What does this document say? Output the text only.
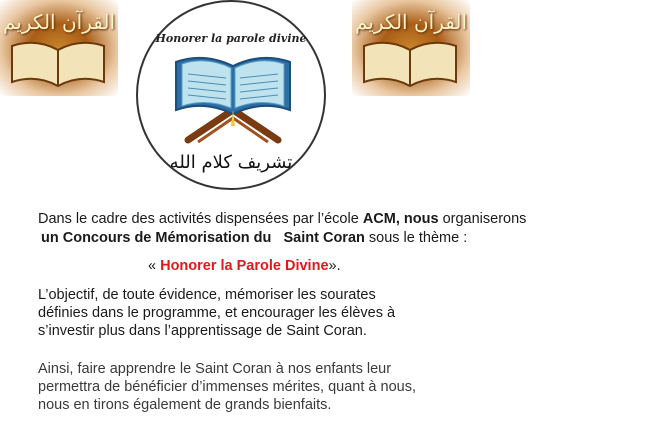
القرآن الكريم	القرآن الكريم
Honorer la parole divine
تشريف كلام الله
Dans le cadre des activités dispensées par l’école ACM, nous organiserons
un Concours de Mémorisation du   Saint Coran sous le thème :
« Honorer la Parole Divine».
L’objectif, de toute évidence, mémoriser les sourates
définies dans le programme, et encourager les élèves à
s’investir plus dans l’apprentissage de Saint Coran.
Ainsi, faire apprendre le Saint Coran à nos enfants leur
permettra de bénéficier d’immenses mérites, quant à nous,
nous en tirons également de grands bienfaits.
